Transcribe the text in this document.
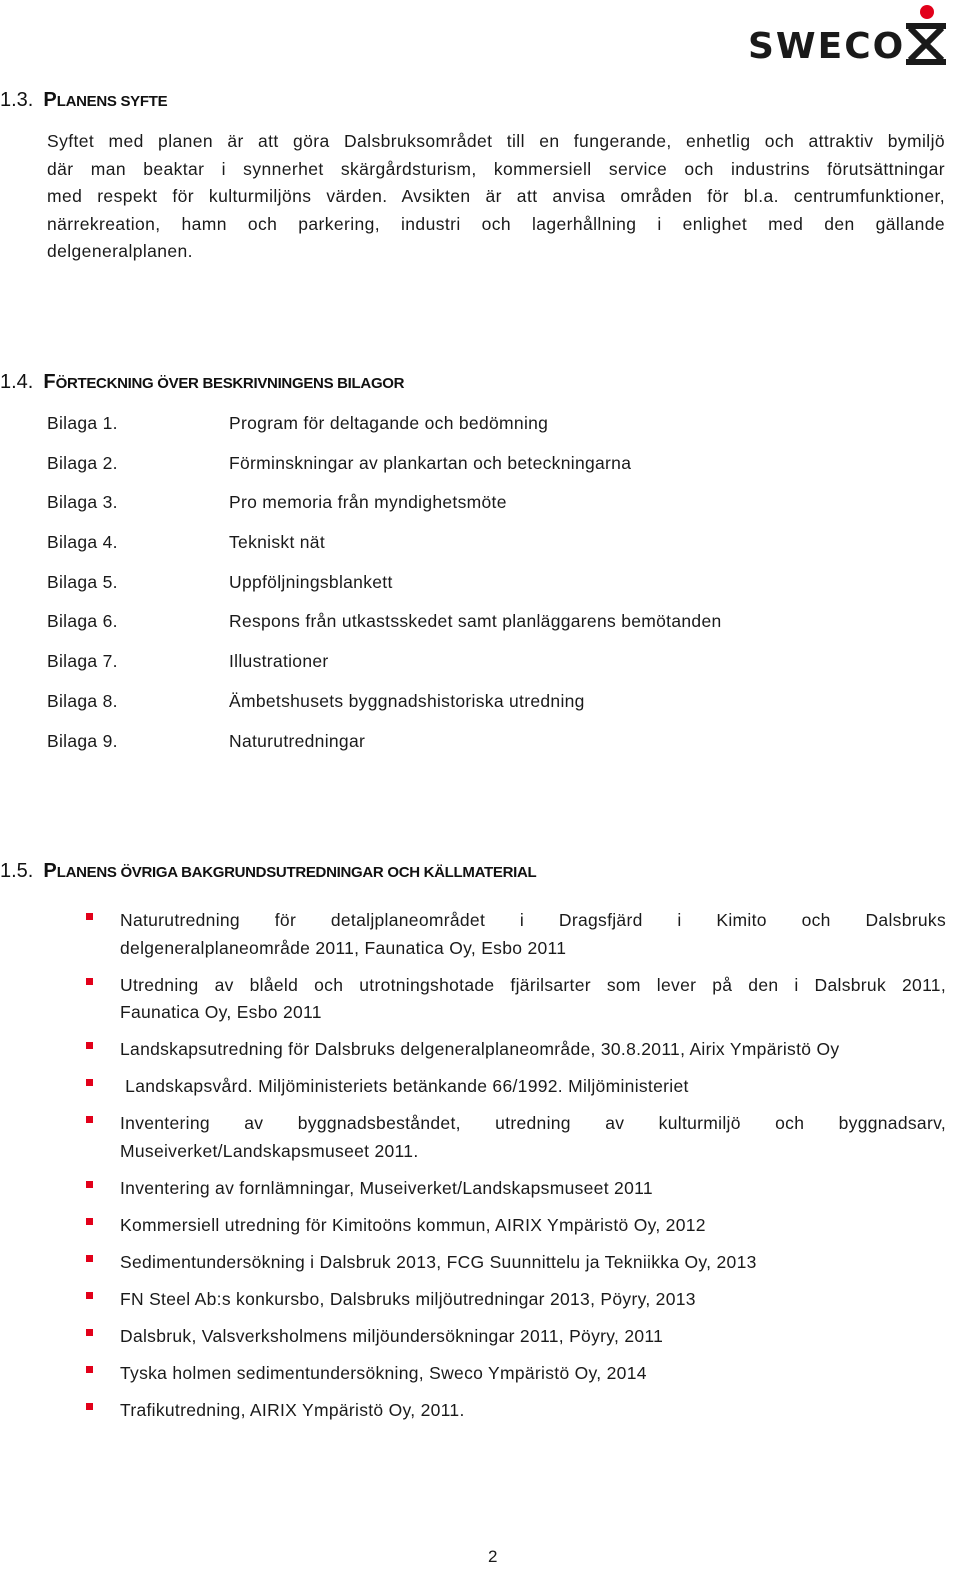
SWECO
1.3. PLANENS SYFTE
Syftet med planen är att göra Dalsbruksområdet till en fungerande, enhetlig och attraktiv bymiljö
där man beaktar i synnerhet skärgårdsturism, kommersiell service och industrins förutsättningar
med respekt för kulturmiljöns värden. Avsikten är att anvisa områden för bl.a. centrumfunktioner,
närrekreation, hamn och parkering, industri och lagerhållning i enlighet med den gällande
delgeneralplanen.
1.4. FÖRTECKNING ÖVER BESKRIVNINGENS BILAGOR
Bilaga 1.	Program för deltagande och bedömning
Bilaga 2.	Förminskningar av plankartan och beteckningarna
Bilaga 3.	Pro memoria från myndighetsmöte
Bilaga 4.	Tekniskt nät
Bilaga 5.	Uppföljningsblankett
Bilaga 6.	Respons från utkastsskedet samt planläggarens bemötanden
Bilaga 7.	Illustrationer
Bilaga 8.	Ämbetshusets byggnadshistoriska utredning
Bilaga 9.	Naturutredningar
1.5. PLANENS ÖVRIGA BAKGRUNDSUTREDNINGAR OCH KÄLLMATERIAL
Naturutredning för detaljplaneområdet i Dragsfjärd i Kimito och Dalsbruks
delgeneralplaneområde 2011, Faunatica Oy, Esbo 2011
Utredning av blåeld och utrotningshotade fjärilsarter som lever på den i Dalsbruk 2011,
Faunatica Oy, Esbo 2011
Landskapsutredning för Dalsbruks delgeneralplaneområde, 30.8.2011, Airix Ympäristö Oy
Landskapsvård. Miljöministeriets betänkande 66/1992. Miljöministeriet
Inventering av byggnadsbeståndet, utredning av kulturmiljö och byggnadsarv,
Museiverket/Landskapsmuseet 2011.
Inventering av fornlämningar, Museiverket/Landskapsmuseet 2011
Kommersiell utredning för Kimitoöns kommun, AIRIX Ympäristö Oy, 2012
Sedimentundersökning i Dalsbruk 2013, FCG Suunnittelu ja Tekniikka Oy, 2013
FN Steel Ab:s konkursbo, Dalsbruks miljöutredningar 2013, Pöyry, 2013
Dalsbruk, Valsverksholmens miljöundersökningar 2011, Pöyry, 2011
Tyska holmen sedimentundersökning, Sweco Ympäristö Oy, 2014
Trafikutredning, AIRIX Ympäristö Oy, 2011.
2
